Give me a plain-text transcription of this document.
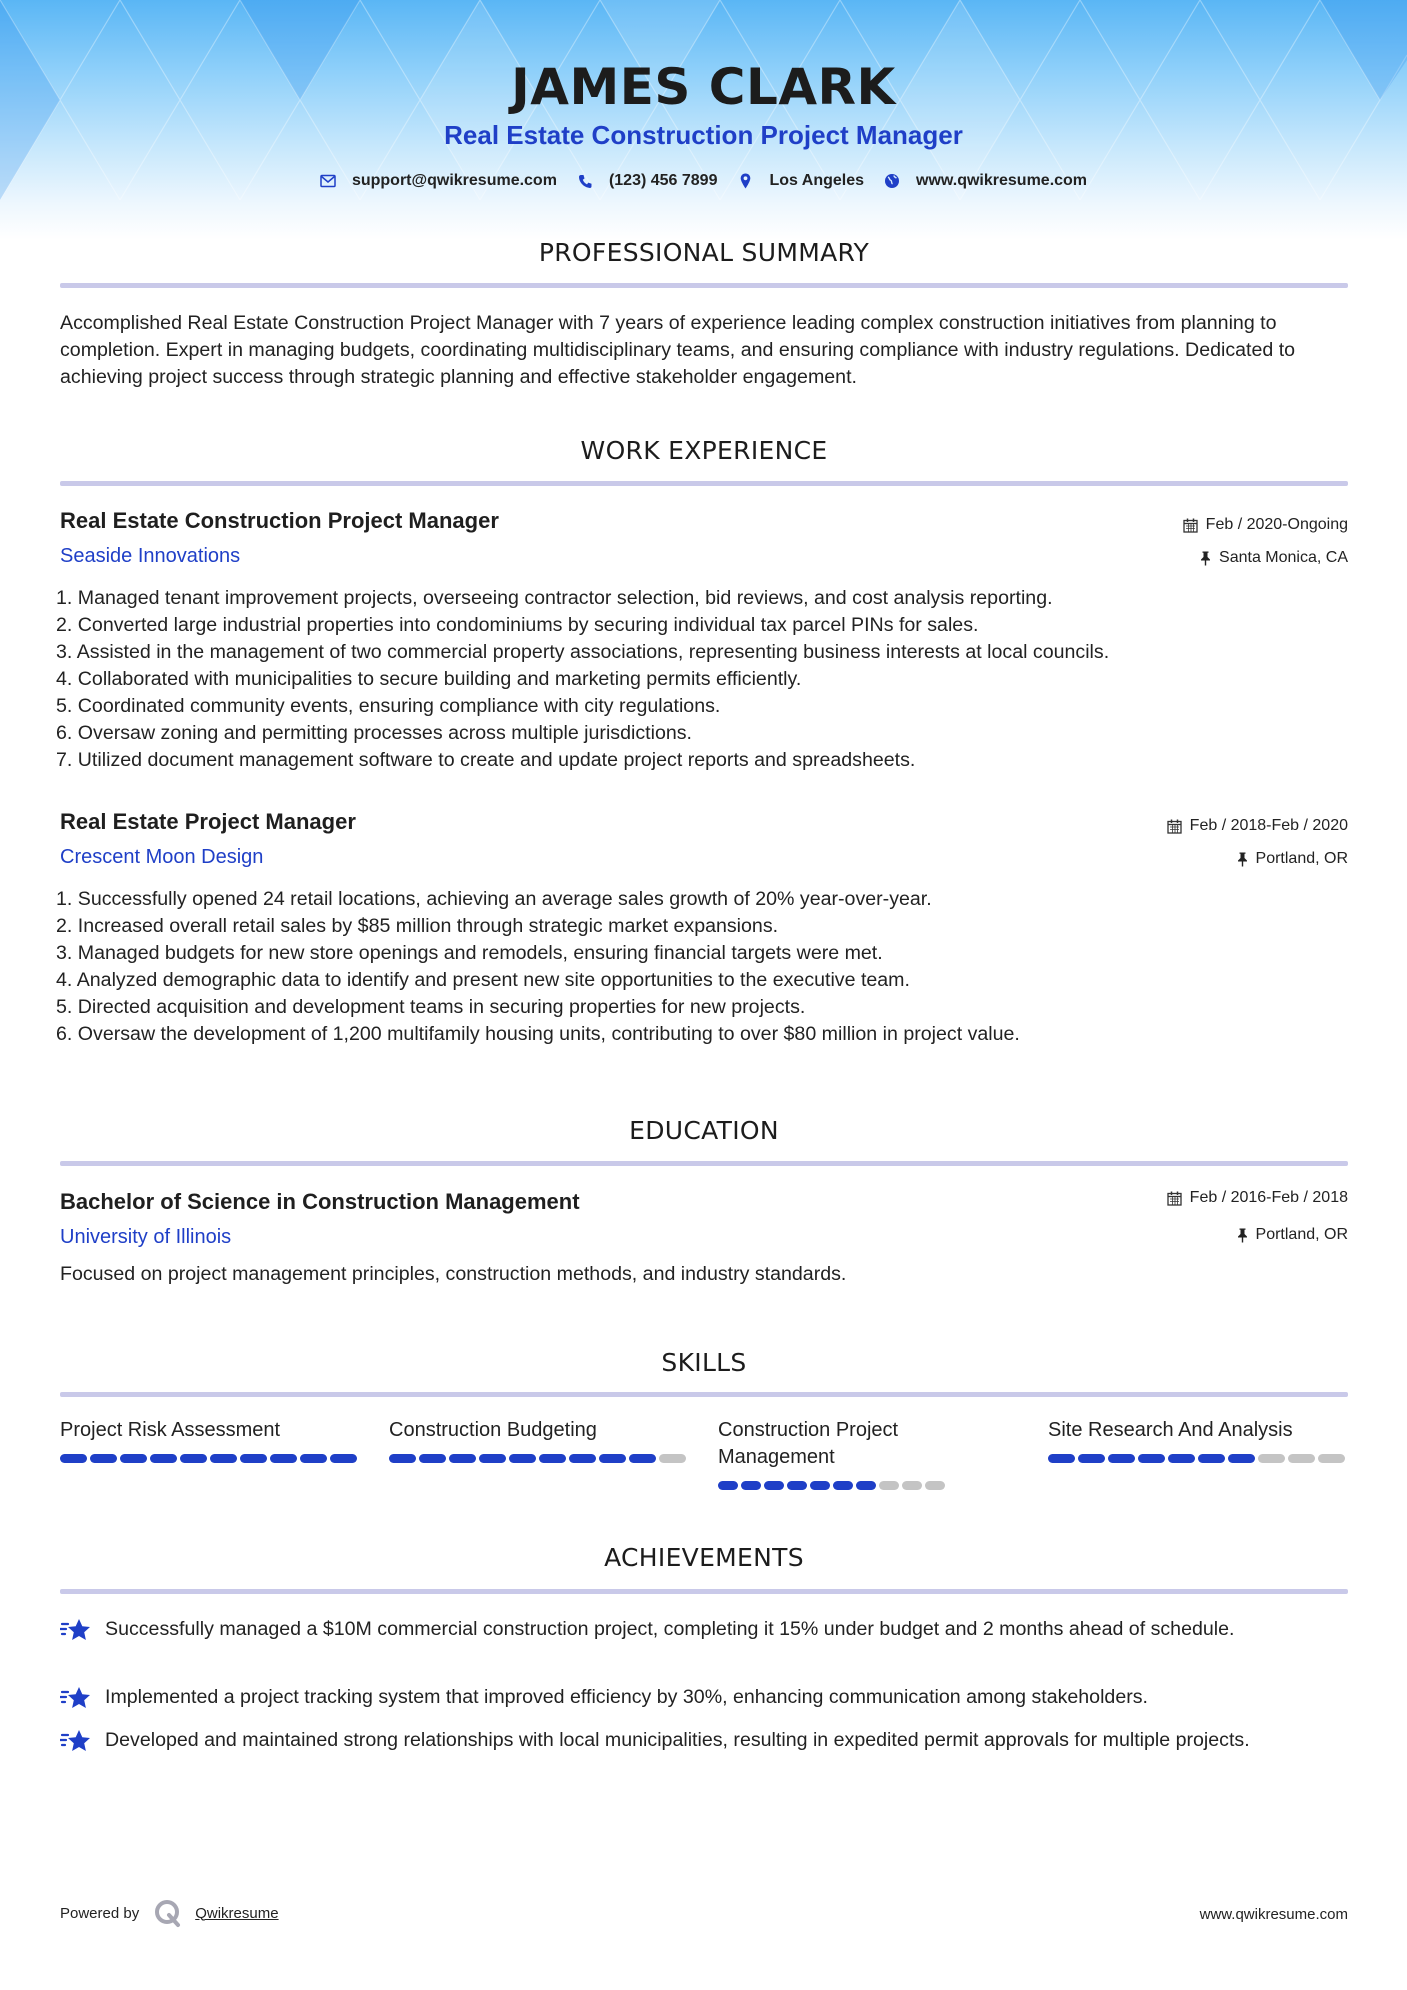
JAMES CLARK
Real Estate Construction Project Manager
support@qwikresume.com	(123) 456 7899	Los Angeles	www.qwikresume.com
PROFESSIONAL SUMMARY
Accomplished Real Estate Construction Project Manager with 7 years of experience leading complex construction initiatives from planning to completion. Expert in managing budgets, coordinating multidisciplinary teams, and ensuring compliance with industry regulations. Dedicated to achieving project success through strategic planning and effective stakeholder engagement.
WORK EXPERIENCE
Real Estate Construction Project Manager
Seaside Innovations
Feb / 2020-Ongoing
Santa Monica, CA
1. Managed tenant improvement projects, overseeing contractor selection, bid reviews, and cost analysis reporting.
2. Converted large industrial properties into condominiums by securing individual tax parcel PINs for sales.
3. Assisted in the management of two commercial property associations, representing business interests at local councils.
4. Collaborated with municipalities to secure building and marketing permits efficiently.
5. Coordinated community events, ensuring compliance with city regulations.
6. Oversaw zoning and permitting processes across multiple jurisdictions.
7. Utilized document management software to create and update project reports and spreadsheets.
Real Estate Project Manager
Crescent Moon Design
Feb / 2018-Feb / 2020
Portland, OR
1. Successfully opened 24 retail locations, achieving an average sales growth of 20% year-over-year.
2. Increased overall retail sales by $85 million through strategic market expansions.
3. Managed budgets for new store openings and remodels, ensuring financial targets were met.
4. Analyzed demographic data to identify and present new site opportunities to the executive team.
5. Directed acquisition and development teams in securing properties for new projects.
6. Oversaw the development of 1,200 multifamily housing units, contributing to over $80 million in project value.
EDUCATION
Bachelor of Science in Construction Management
University of Illinois
Feb / 2016-Feb / 2018
Portland, OR
Focused on project management principles, construction methods, and industry standards.
SKILLS
Project Risk Assessment	Construction Budgeting	Construction Project Management
Site Research And Analysis
ACHIEVEMENTS
Successfully managed a $10M commercial construction project, completing it 15% under budget and 2 months ahead of schedule.
Implemented a project tracking system that improved efficiency by 30%, enhancing communication among stakeholders.
Developed and maintained strong relationships with local municipalities, resulting in expedited permit approvals for multiple projects.
Powered by	Qwikresume	www.qwikresume.com
